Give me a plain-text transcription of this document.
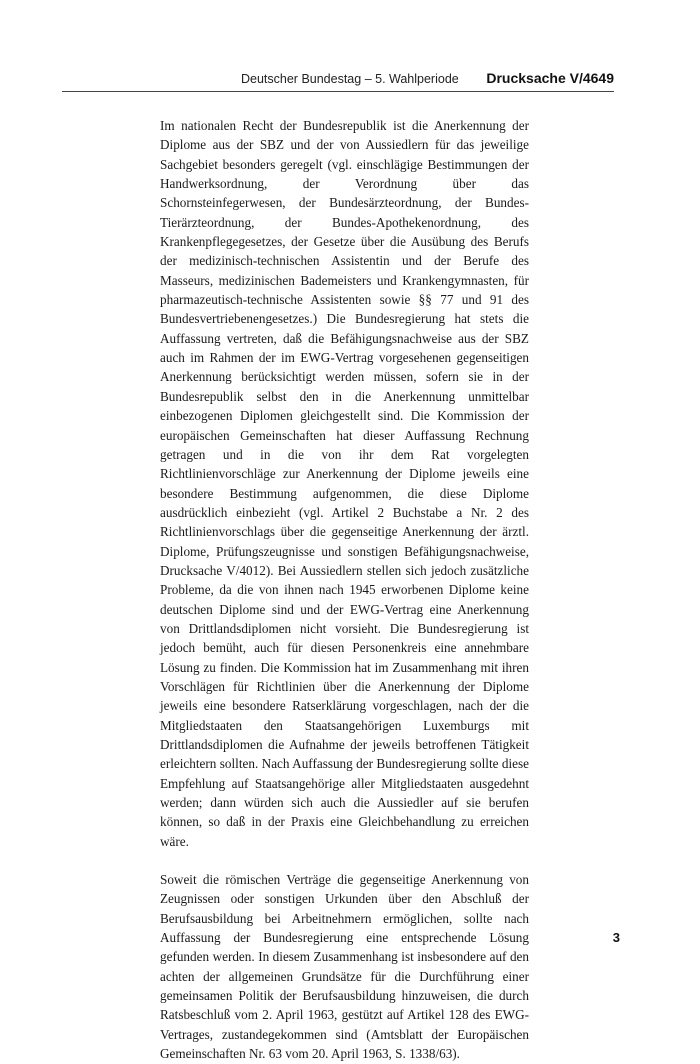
Deutscher Bundestag – 5. Wahlperiode Drucksache V/4649

Im nationalen Recht der Bundesrepublik ist die Anerkennung der Diplome aus der SBZ und der von Aussiedlern für das jeweilige Sachgebiet besonders geregelt (vgl. einschlägige Bestimmungen der Handwerksordnung, der Verordnung über das Schornsteinfegerwesen, der Bundesärzteordnung, der Bundes-Tierärzteordnung, der Bundes-Apothekenordnung, des Krankenpflegegesetzes, der Gesetze über die Ausübung des Berufs der medizinisch-technischen Assistentin und der Berufe des Masseurs, medizinischen Bademeisters und Krankengymnasten, für pharmazeutisch-technische Assistenten sowie §§ 77 und 91 des Bundesvertriebenengesetzes.) Die Bundesregierung hat stets die Auffassung vertreten, daß die Befähigungsnachweise aus der SBZ auch im Rahmen der im EWG-Vertrag vorgesehenen gegenseitigen Anerkennung berücksichtigt werden müssen, sofern sie in der Bundesrepublik selbst den in die Anerkennung unmittelbar einbezogenen Diplomen gleichgestellt sind. Die Kommission der europäischen Gemeinschaften hat dieser Auffassung Rechnung getragen und in die von ihr dem Rat vorgelegten Richtlinienvorschläge zur Anerkennung der Diplome jeweils eine besondere Bestimmung aufgenommen, die diese Diplome ausdrücklich einbezieht (vgl. Artikel 2 Buchstabe a Nr. 2 des Richtlinienvorschlags über die gegenseitige Anerkennung der ärztl. Diplome, Prüfungszeugnisse und sonstigen Befähigungsnachweise, Drucksache V/4012). Bei Aussiedlern stellen sich jedoch zusätzliche Probleme, da die von ihnen nach 1945 erworbenen Diplome keine deutschen Diplome sind und der EWG-Vertrag eine Anerkennung von Drittlandsdiplomen nicht vorsieht. Die Bundesregierung ist jedoch bemüht, auch für diesen Personenkreis eine annehmbare Lösung zu finden. Die Kommission hat im Zusammenhang mit ihren Vorschlägen für Richtlinien über die Anerkennung der Diplome jeweils eine besondere Ratserklärung vorgeschlagen, nach der die Mitgliedstaaten den Staatsangehörigen Luxemburgs mit Drittlandsdiplomen die Aufnahme der jeweils betroffenen Tätigkeit erleichtern sollten. Nach Auffassung der Bundesregierung sollte diese Empfehlung auf Staatsangehörige aller Mitgliedstaaten ausgedehnt werden; dann würden sich auch die Aussiedler auf sie berufen können, so daß in der Praxis eine Gleichbehandlung zu erreichen wäre.

Soweit die römischen Verträge die gegenseitige Anerkennung von Zeugnissen oder sonstigen Urkunden über den Abschluß der Berufsausbildung bei Arbeitnehmern ermöglichen, sollte nach Auffassung der Bundesregierung eine entsprechende Lösung gefunden werden. In diesem Zusammenhang ist insbesondere auf den achten der allgemeinen Grundsätze für die Durchführung einer gemeinsamen Politik der Berufsausbildung hinzuweisen, die durch Ratsbeschluß vom 2. April 1963, gestützt auf Artikel 128 des EWG-Vertrages, zustandegekommen sind (Amtsblatt der Europäischen Gemeinschaften Nr. 63 vom 20. April 1963, S. 1338/63).

3
